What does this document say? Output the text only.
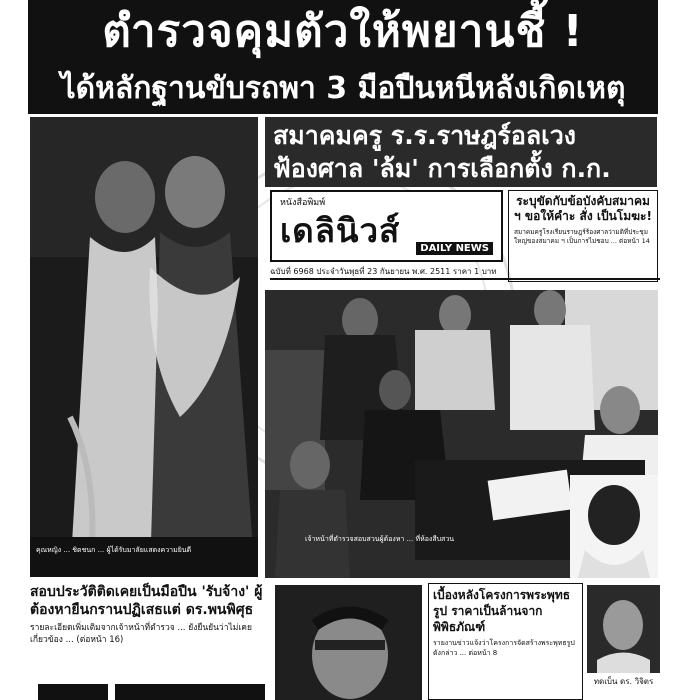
ตำรวจคุมตัวให้พยานชี้ !
ได้หลักฐานขับรถพา 3 มือปืนหนีหลังเกิดเหตุ
คุณหญิง ... ชิดชนก ... ผู้ได้รับมาลัยแสดงความยินดี
สมาคมครู ร.ร.ราษฎร์อลเวง
ฟ้องศาล 'ล้ม' การเลือกตั้ง ก.ก.
หนังสือพิมพ์
เดลินิวส์	DAILY NEWS
ฉบับที่ 6968 ประจำวันพุธที่ 23 กันยายน พ.ศ. 2511 ราคา 1 บาท
ระบุขัดกับข้อบังคับสมาคม ฯ ขอให้คำะ สั่ง เป็นโมฆะ!
สมาคมครูโรงเรียนราษฎร์ร้องศาลว่ามติที่ประชุมใหญ่ของสมาคม ฯ เป็นการไม่ชอบ ... ต่อหน้า 14
เจ้าหน้าที่ตำรวจสอบสวนผู้ต้องหา ... ที่ห้องสืบสวน
สอบประวัติติดเคยเป็นมือปืน 'รับจ้าง' ผู้ต้องหายืนกรานปฏิเสธแต่ ดร.พนพิศุธ
รายละเอียดเพิ่มเติมจากเจ้าหน้าที่ตำรวจ ... ยังยืนยันว่าไม่เคยเกี่ยวข้อง ... (ต่อหน้า 16)
เบื้องหลังโครงการพระพุทธรูป ราคาเป็นล้านจากพิพิธภัณฑ์
รายงานข่าวแจ้งว่าโครงการจัดสร้างพระพุทธรูปดังกล่าว ... ต่อหน้า 8
ทดเบ็น ดร. วิจิตร
